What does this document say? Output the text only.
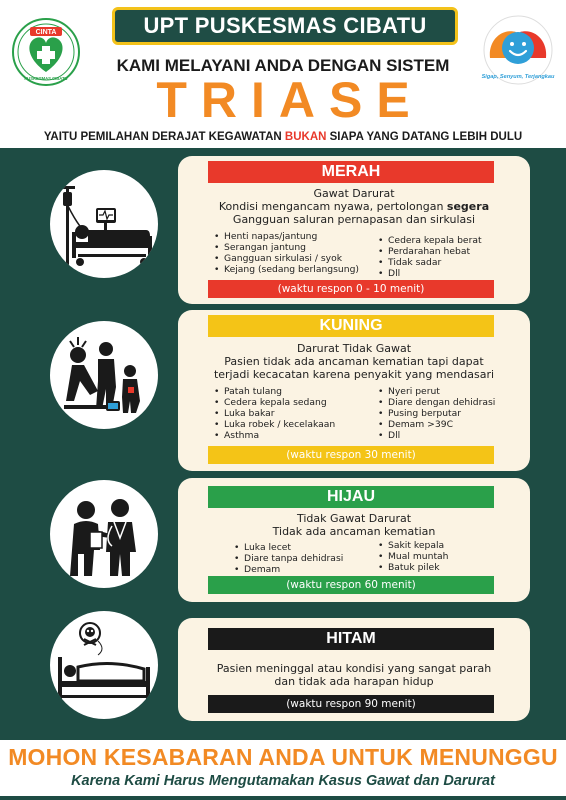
CINTA
PUSKESMAS CIBATU
UPT PUSKESMAS CIBATU
KAMI MELAYANI ANDA DENGAN SISTEM
TRIASE
YAITU PEMILAHAN DERAJAT KEGAWATAN BUKAN SIAPA YANG DATANG LEBIH DULU
Sigap, Senyum, Terjangkau
MERAH
Gawat Darurat
Kondisi mengancam nyawa, pertolongan segera
Gangguan saluran pernapasan dan sirkulasi
• Henti napas/jantung
• Serangan jantung
• Gangguan sirkulasi / syok
• Kejang (sedang berlangsung)
• Cedera kepala berat
• Perdarahan hebat
• Tidak sadar
• Dll
(waktu respon 0 - 10 menit)
KUNING
Darurat Tidak Gawat
Pasien tidak ada ancaman kematian tapi dapat
terjadi kecacatan karena penyakit yang mendasari
• Patah tulang
• Cedera kepala sedang
• Luka bakar
• Luka robek / kecelakaan
• Asthma
• Nyeri perut
• Diare dengan dehidrasi
• Pusing berputar
• Demam >39C
• Dll
(waktu respon 30 menit)
HIJAU
Tidak Gawat Darurat
Tidak ada ancaman kematian
• Luka lecet
• Diare tanpa dehidrasi
• Demam
• Sakit kepala
• Mual muntah
• Batuk pilek
(waktu respon 60 menit)
HITAM
Pasien meninggal atau kondisi yang sangat parah
dan tidak ada harapan hidup
(waktu respon 90 menit)
MOHON KESABARAN ANDA UNTUK MENUNGGU
Karena Kami Harus Mengutamakan Kasus Gawat dan Darurat
